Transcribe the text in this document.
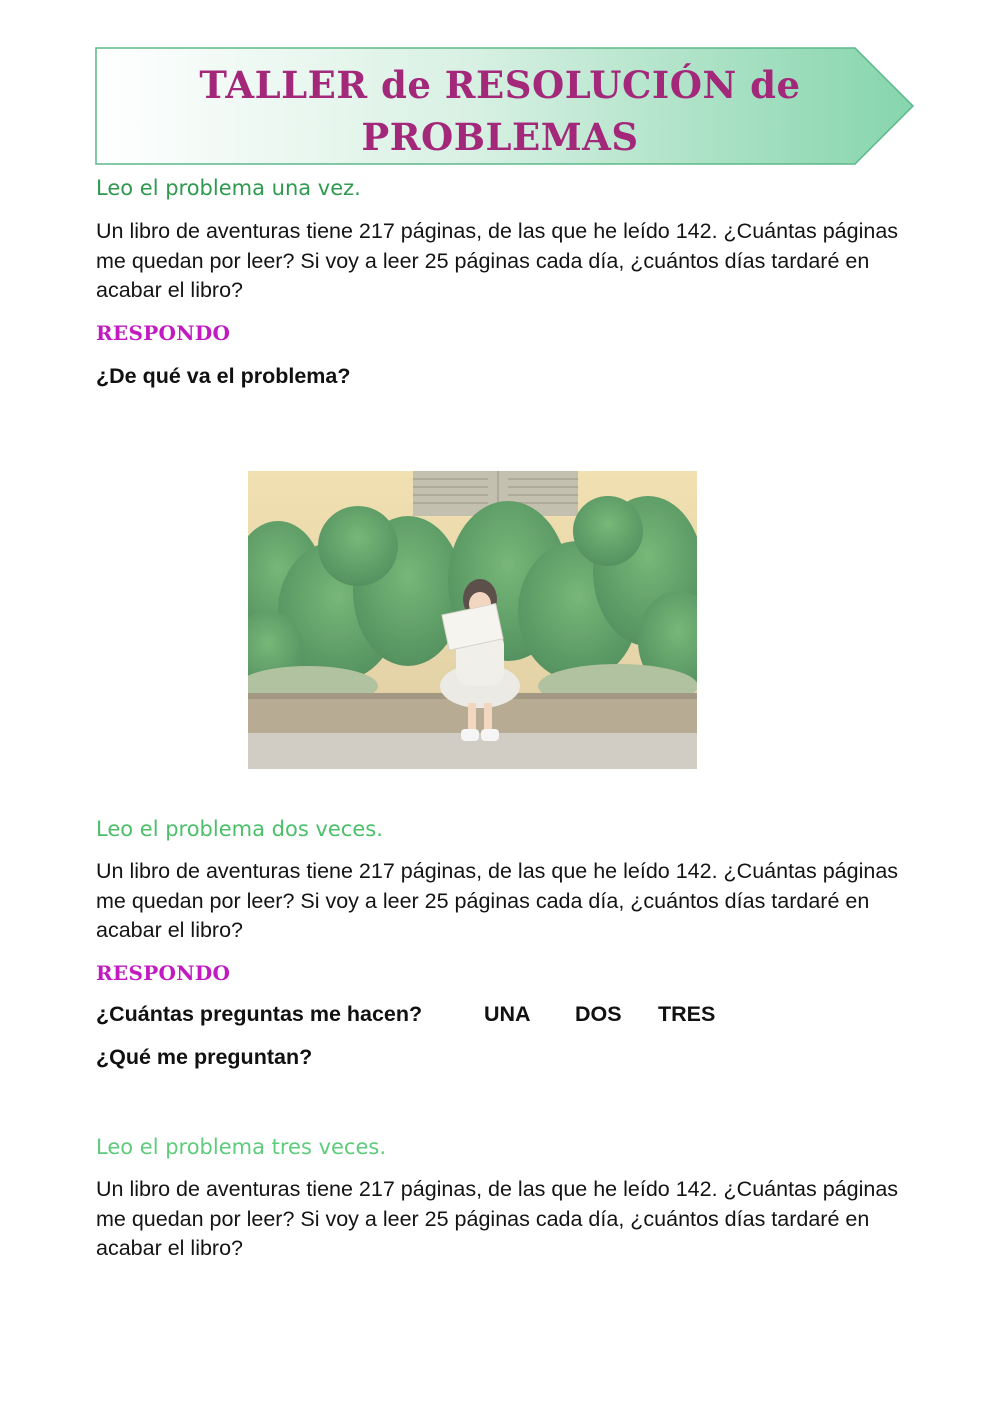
TALLER de RESOLUCIÓN de
PROBLEMAS
Leo el problema una vez.
Un libro de aventuras tiene 217 páginas, de las que he leído 142. ¿Cuántas páginas me quedan por leer? Si voy a leer 25 páginas cada día, ¿cuántos días tardaré en acabar el libro?
RESPONDO
¿De qué va el problema?
Leo el problema dos veces.
Un libro de aventuras tiene 217 páginas, de las que he leído 142. ¿Cuántas páginas me quedan por leer? Si voy a leer 25 páginas cada día, ¿cuántos días tardaré en acabar el libro?
RESPONDO
¿Cuántas preguntas me hacen?	UNA DOS TRES
¿Qué me preguntan?
Leo el problema tres veces.
Un libro de aventuras tiene 217 páginas, de las que he leído 142. ¿Cuántas páginas me quedan por leer? Si voy a leer 25 páginas cada día, ¿cuántos días tardaré en acabar el libro?
